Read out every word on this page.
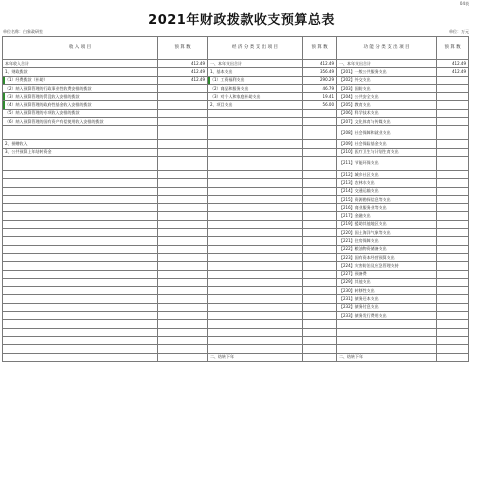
04表
2021年财政拨款收支预算总表
单位名称：白象政研室	单位：万元
收 入 项 目	预 算 数	经 济 分 类 支 出 项 目	预 算 数	功 能 分 类 支 出 项 目	预 算 数
本年收入合计	412.49	一、本年支出合计	412.49	一、本年支出合计	412.49
1、财政拨款	412.49	1、基本支出	356.49	【201】一般公共服务支出	412.49
（1）经费拨款（补助）	412.49	（1）工资福利支出	290.29	【202】外交支出	
（2）纳入预算管理的行政事业性收费安排的拨款		（2）商品和服务支出	46.79	【203】国防支出	
（3）纳入预算管理的罚没收入安排的拨款		（3）对个人和家庭补助支出	19.41	【204】公共安全支出	
（4）纳入预算管理的政府性基金收入安排的拨款		2、项目支出	56.00	【205】教育支出	
（5）纳入预算管理的专项收入安排的拨款				【206】科学技术支出	
（6）纳入预算管理的国有资产有偿使用收入安排的拨款				【207】文化体育与传媒支出	
				【208】社会保障和就业支出	
2、捐赠收入				【209】社会保险基金支出	
3、公共预算上年结转资金				【210】医疗卫生与计划生育支出	
				【211】节能环保支出	
				【212】城乡社区支出	
				【213】农林水支出	
				【214】交通运输支出	
				【215】资源勘探信息等支出	
				【216】商业服务业等支出	
				【217】金融支出	
				【219】援助其他地区支出	
				【220】国土海洋气象等支出	
				【221】住房保障支出	
				【222】粮油物资储备支出	
				【223】国有资本经营预算支出	
				【224】灾害防治及应急管理支持	
				【227】预备费	
				【229】其他支出	
				【230】转移性支出	
				【231】债务还本支出	
				【232】债务付息支出	
				【233】债务发行费用支出	

		二、结转下年		二、结转下年	
